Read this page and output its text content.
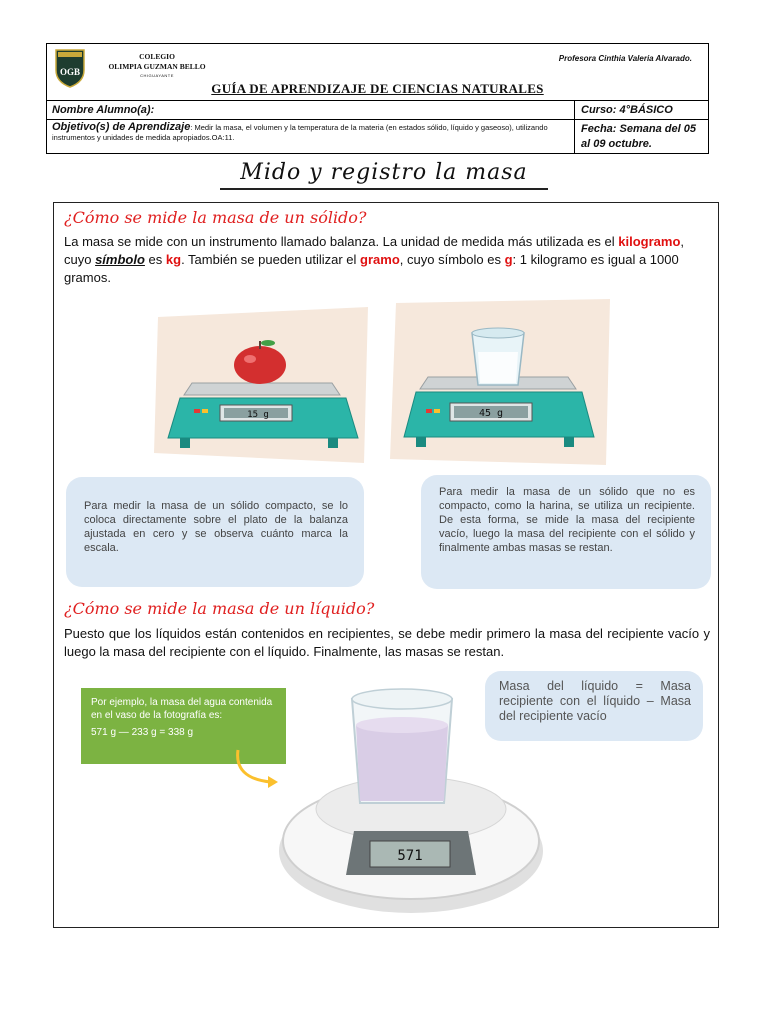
OGB
COLEGIO
OLIMPIA GUZMAN BELLO
CHIGUAYANTE
Profesora Cinthia Valeria Alvarado.
GUÍA DE APRENDIZAJE DE CIENCIAS NATURALES
Nombre Alumno(a):	Curso: 4°BÁSICO
Objetivo(s) de Aprendizaje: Medir la masa, el volumen y la temperatura de la materia (en estados sólido, líquido y gaseoso), utilizando instrumentos y unidades de medida apropiados.OA:11.
Fecha: Semana del 05 al 09 octubre.
Mido y registro la masa
¿Cómo se mide la masa de un sólido?
La masa se mide con un instrumento llamado balanza. La unidad de medida más utilizada es el kilogramo, cuyo símbolo es kg. También se pueden utilizar el gramo, cuyo símbolo es g: 1 kilogramo es igual a 1000 gramos.
15 g	45 g
Para medir la masa de un sólido compacto, se lo coloca directamente sobre el plato de la balanza ajustada en cero y se observa cuánto marca la escala.
Para medir la masa de un sólido que no es compacto, como la harina, se utiliza un recipiente. De esta forma, se mide la masa del recipiente vacío, luego la masa del recipiente con el sólido y finalmente ambas masas se restan.
¿Cómo se mide la masa de un líquido?
Puesto que los líquidos están contenidos en recipientes, se debe medir primero la masa del recipiente vacío y luego la masa del recipiente con el líquido. Finalmente, las masas se restan.
Por ejemplo, la masa del agua contenida en el vaso de la fotografía es:
571 g — 233 g = 338 g
571
Masa del líquido = Masa recipiente con el líquido – Masa del recipiente vacío
